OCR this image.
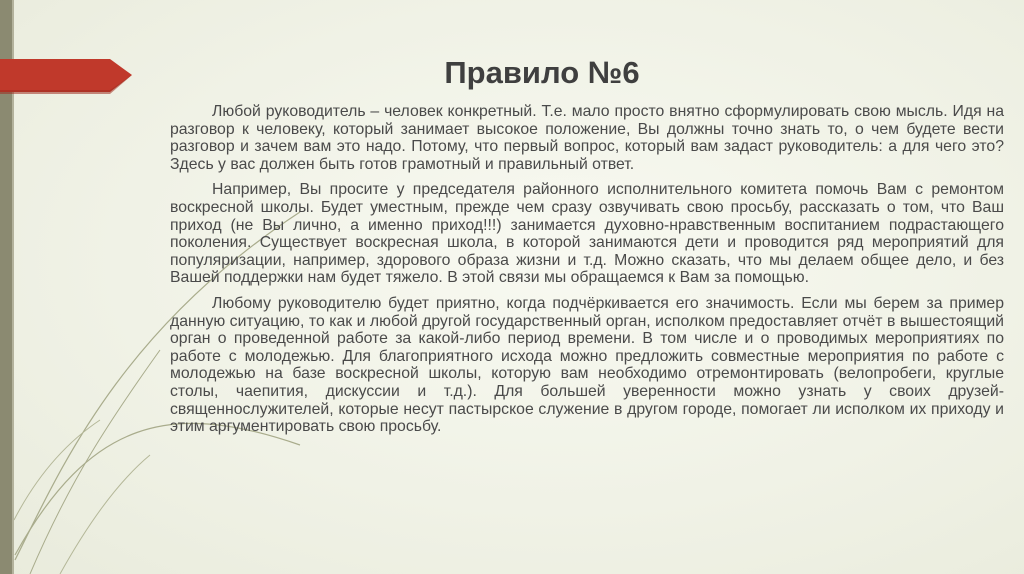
Правило №6

Любой руководитель – человек конкретный. Т.е. мало просто внятно сформулировать свою мысль. Идя на разговор к человеку, который занимает высокое положение, Вы должны точно знать то, о чем будете вести разговор и зачем вам это надо. Потому, что первый вопрос, который вам задаст руководитель: а для чего это? Здесь у вас должен быть готов грамотный и правильный ответ.

Например, Вы просите у председателя районного исполнительного комитета помочь Вам с ремонтом воскресной школы. Будет уместным, прежде чем сразу озвучивать свою просьбу, рассказать о том, что Ваш приход (не Вы лично, а именно приход!!!) занимается духовно-нравственным воспитанием подрастающего поколения. Существует воскресная школа, в которой занимаются дети и проводится ряд мероприятий для популяризации, например, здорового образа жизни и т.д. Можно сказать, что мы делаем общее дело, и без Вашей поддержки нам будет тяжело. В этой связи мы обращаемся к Вам за помощью.

Любому руководителю будет приятно, когда подчёркивается его значимость. Если мы берем за пример данную ситуацию, то как и любой другой государственный орган, исполком предоставляет отчёт в вышестоящий орган о проведенной работе за какой-либо период времени. В том числе и о проводимых мероприятиях по работе с молодежью. Для благоприятного исхода можно предложить совместные мероприятия по работе с молодежью на базе воскресной школы, которую вам необходимо отремонтировать (велопробеги, круглые столы, чаепития, дискуссии и т.д.). Для большей уверенности можно узнать у своих друзей-священнослужителей, которые несут пастырское служение в другом городе, помогает ли исполком их приходу и этим аргументировать свою просьбу.
